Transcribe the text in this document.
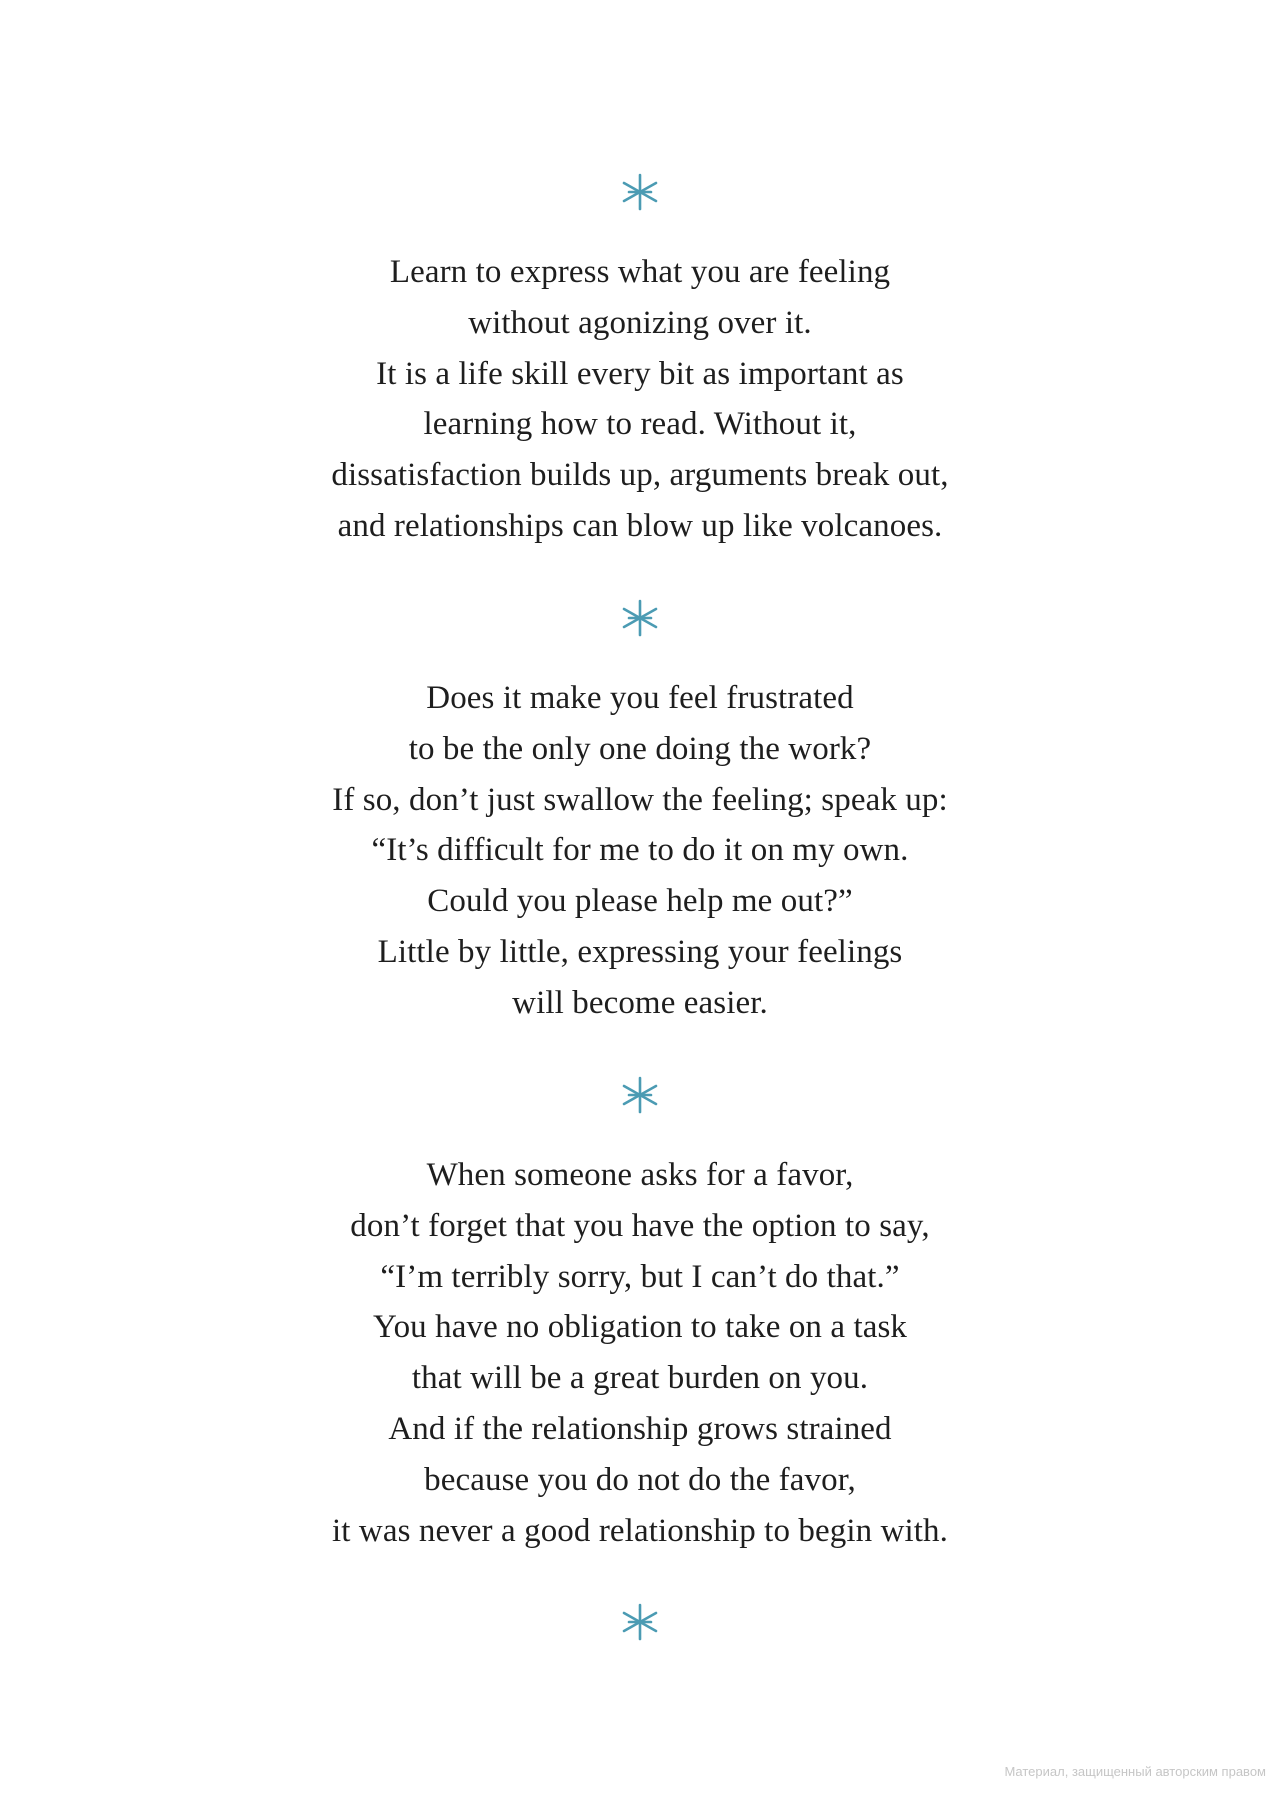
Learn to express what you are feeling
without agonizing over it.
It is a life skill every bit as important as
learning how to read. Without it,
dissatisfaction builds up, arguments break out,
and relationships can blow up like volcanoes.
Does it make you feel frustrated
to be the only one doing the work?
If so, don’t just swallow the feeling; speak up:
“It’s difficult for me to do it on my own.
Could you please help me out?”
Little by little, expressing your feelings
will become easier.
When someone asks for a favor,
don’t forget that you have the option to say,
“I’m terribly sorry, but I can’t do that.”
You have no obligation to take on a task
that will be a great burden on you.
And if the relationship grows strained
because you do not do the favor,
it was never a good relationship to begin with.
Материал, защищенный авторским правом
